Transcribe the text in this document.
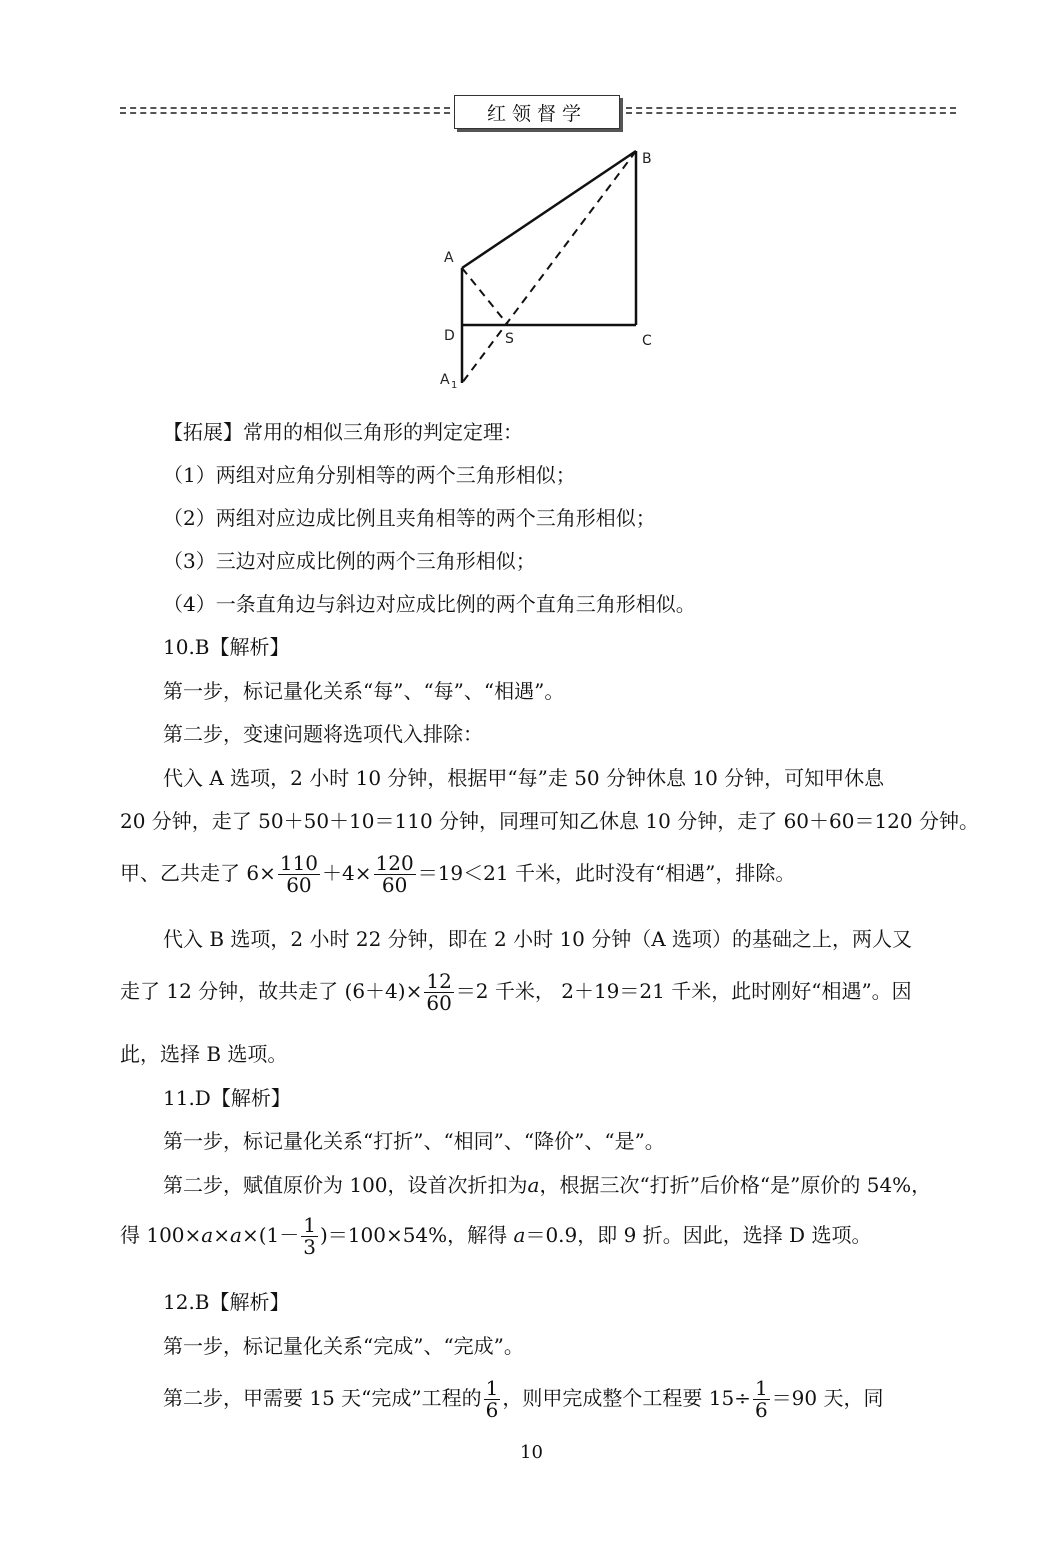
红领督学
B
A
D	S	C
A 1
【拓展】常用的相似三角形的判定定理：
（1）两组对应角分别相等的两个三角形相似；
（2）两组对应边成比例且夹角相等的两个三角形相似；
（3）三边对应成比例的两个三角形相似；
（4）一条直角边与斜边对应成比例的两个直角三角形相似。
10.B【解析】
第一步，标记量化关系“每”、“每”、“相遇”。
第二步，变速问题将选项代入排除：
代入 A 选项，2 小时 10 分钟，根据甲“每”走 50 分钟休息 10 分钟，可知甲休息
20 分钟，走了 50＋50＋10＝110 分钟，同理可知乙休息 10 分钟，走了 60＋60＝120 分钟。
甲、乙共走了 $6\times \frac{110}{60} +4\times \frac{120}{60} =19<21$ 千米，此时没有“相遇”，排除。
代入 B 选项，2 小时 22 分钟，即在 2 小时 10 分钟（A 选项）的基础之上，两人又
走了 12 分钟，故共走了 $(6+4)\times \frac{12}{60} =2$ 千米， 2＋19＝21 千米，此时刚好“相遇”。因
此，选择 B 选项。
11.D【解析】
第一步，标记量化关系“打折”、“相同”、“降价”、“是”。
第二步，赋值原价为 100，设首次折扣为a，根据三次“打折”后价格“是”原价的 54%，
得 $100\times a\times a\times(1- \frac{1}{3} )=100\times 54\%$，解得 a＝0.9，即 9 折。因此，选择 D 选项。
12.B【解析】
第一步，标记量化关系“完成”、“完成”。
第二步，甲需要 15 天“完成”工程的 $\frac{1}{6}$ ，则甲完成整个工程要 $15\div \frac{1}{6} =90$ 天，同
10
